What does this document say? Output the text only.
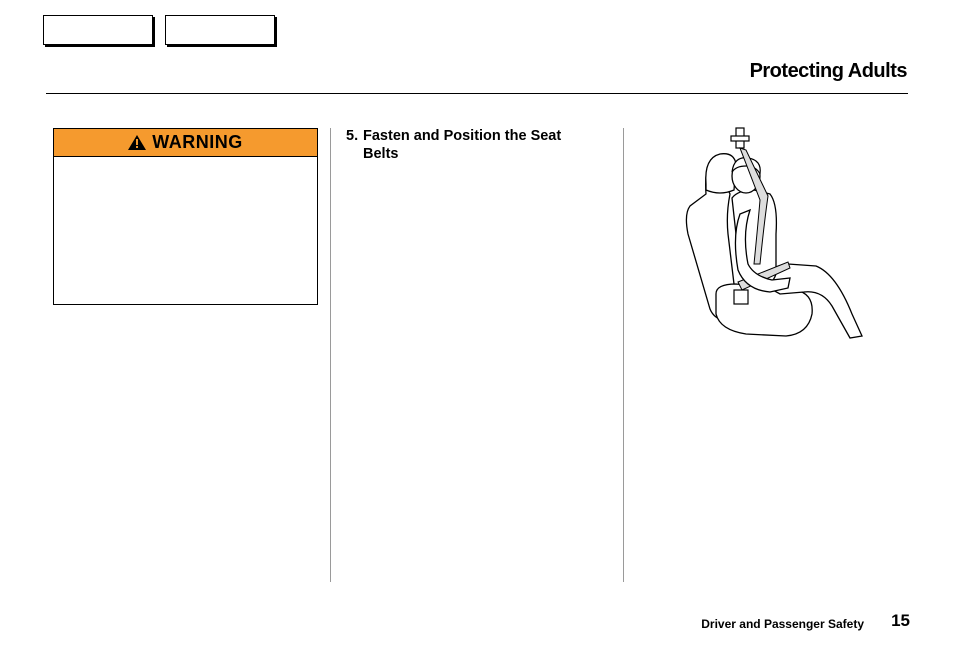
Protecting Adults
WARNING	5. Fasten and Position the Seat
Belts
Driver and Passenger Safety 15
